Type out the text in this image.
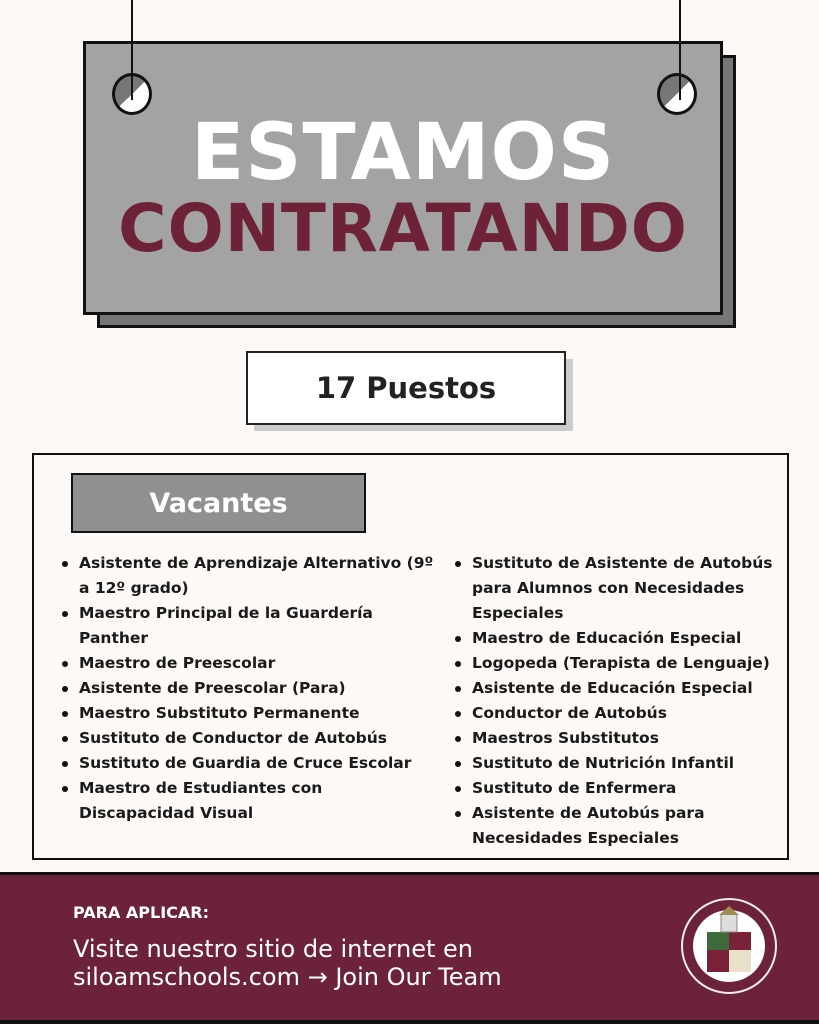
ESTAMOS
CONTRATANDO
17 Puestos
Vacantes
Asistente de Aprendizaje Alternativo (9º a 12º grado)
Maestro Principal de la Guardería Panther
Maestro de Preescolar
Asistente de Preescolar (Para)
Maestro Substituto Permanente
Sustituto de Conductor de Autobús
Sustituto de Guardia de Cruce Escolar
Maestro de Estudiantes con Discapacidad Visual
Sustituto de Asistente de Autobús para Alumnos con Necesidades Especiales
Maestro de Educación Especial
Logopeda (Terapista de Lenguaje)
Asistente de Educación Especial
Conductor de Autobús
Maestros Substitutos
Sustituto de Nutrición Infantil
Sustituto de Enfermera
Asistente de Autobús para Necesidades Especiales
PARA APLICAR:
Visite nuestro sitio de internet en
siloamschools.com → Join Our Team
